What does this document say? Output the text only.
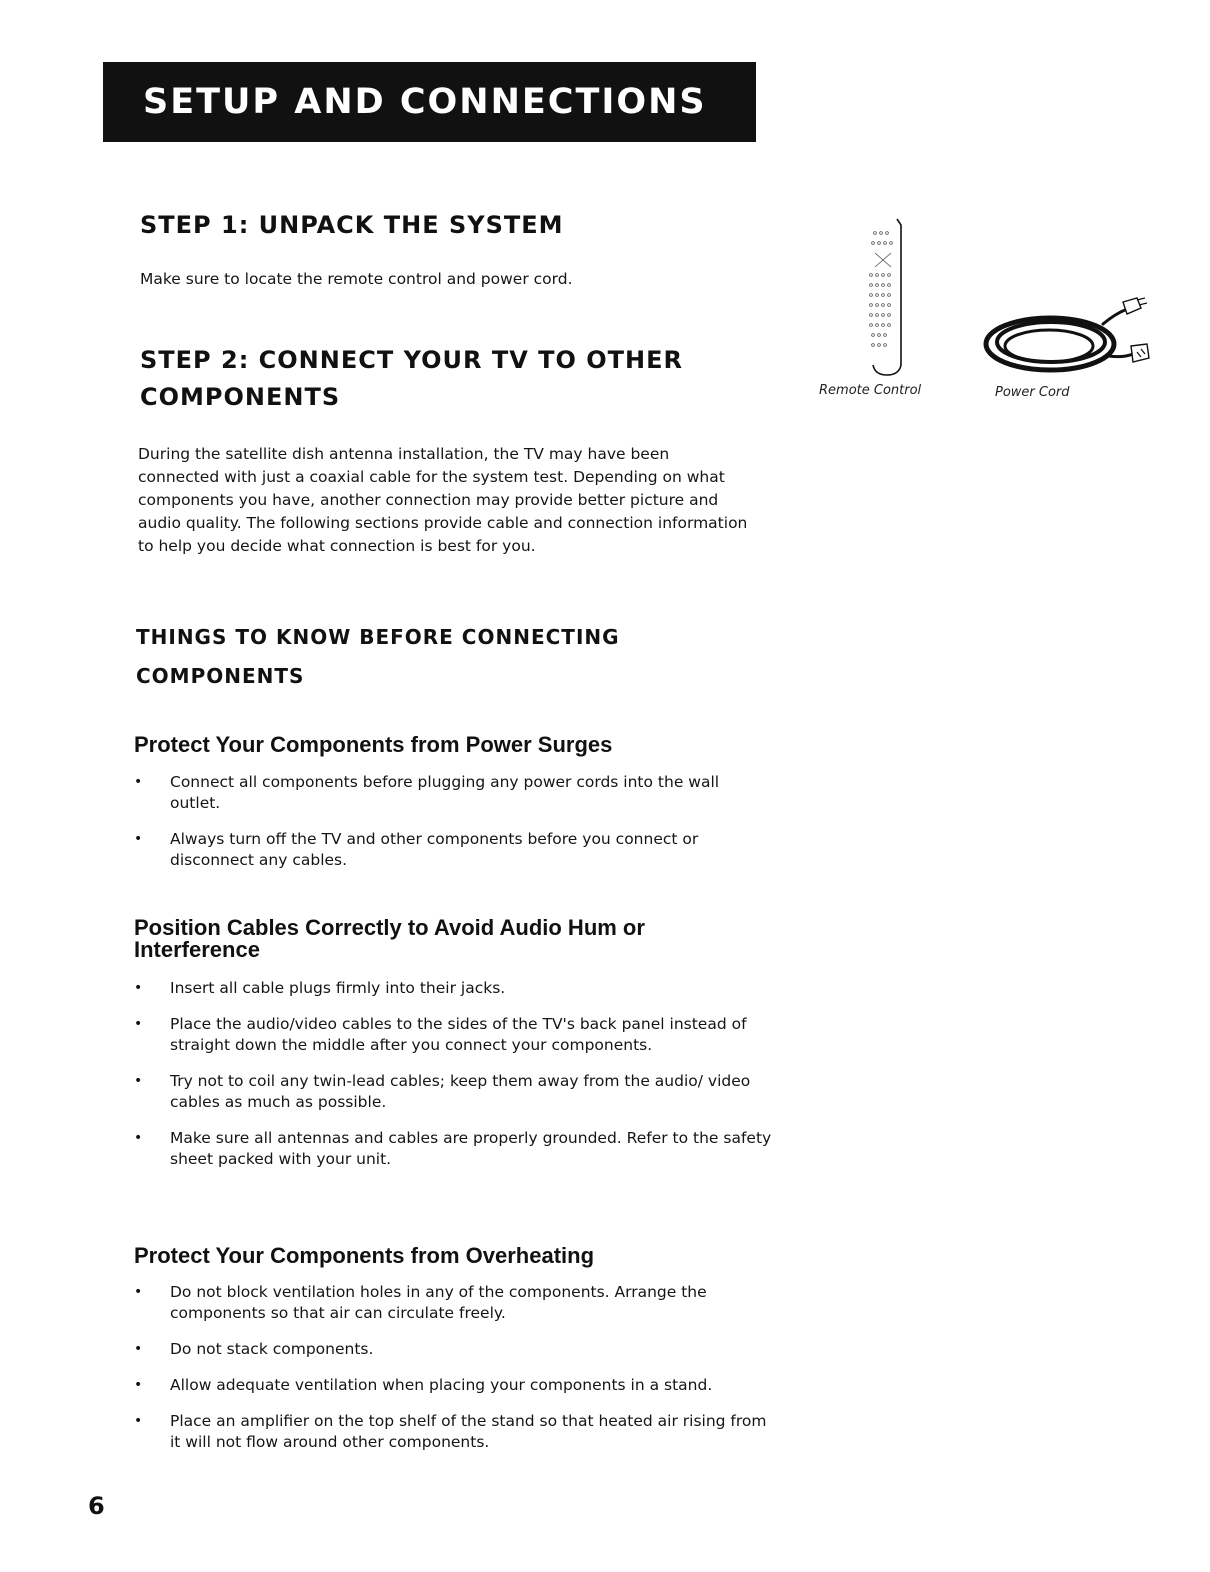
SETUP AND CONNECTIONS
STEP 1: UNPACK THE SYSTEM

Make sure to locate the remote control and power cord.

STEP 2: CONNECT YOUR TV TO OTHER
COMPONENTS

During the satellite dish antenna installation, the TV may have been connected with just a coaxial cable for the system test. Depending on what components you have, another connection may provide better picture and audio quality. The following sections provide cable and connection information to help you decide what connection is best for you.

THINGS TO KNOW BEFORE CONNECTING
COMPONENTS
Protect Your Components from Power Surges
• Connect all components before plugging any power cords into the wall outlet.
• Always turn off the TV and other components before you connect or disconnect any cables.
Position Cables Correctly to Avoid Audio Hum or
Interference
• Insert all cable plugs firmly into their jacks.
• Place the audio/video cables to the sides of the TV's back panel instead of straight down the middle after you connect your components.
• Try not to coil any twin-lead cables; keep them away from the audio/ video cables as much as possible.
• Make sure all antennas and cables are properly grounded. Refer to the safety sheet packed with your unit.
Protect Your Components from Overheating
• Do not block ventilation holes in any of the components. Arrange the components so that air can circulate freely.
• Do not stack components.
• Allow adequate ventilation when placing your components in a stand.
• Place an amplifier on the top shelf of the stand so that heated air rising from it will not flow around other components.
Remote Control	Power Cord
6
